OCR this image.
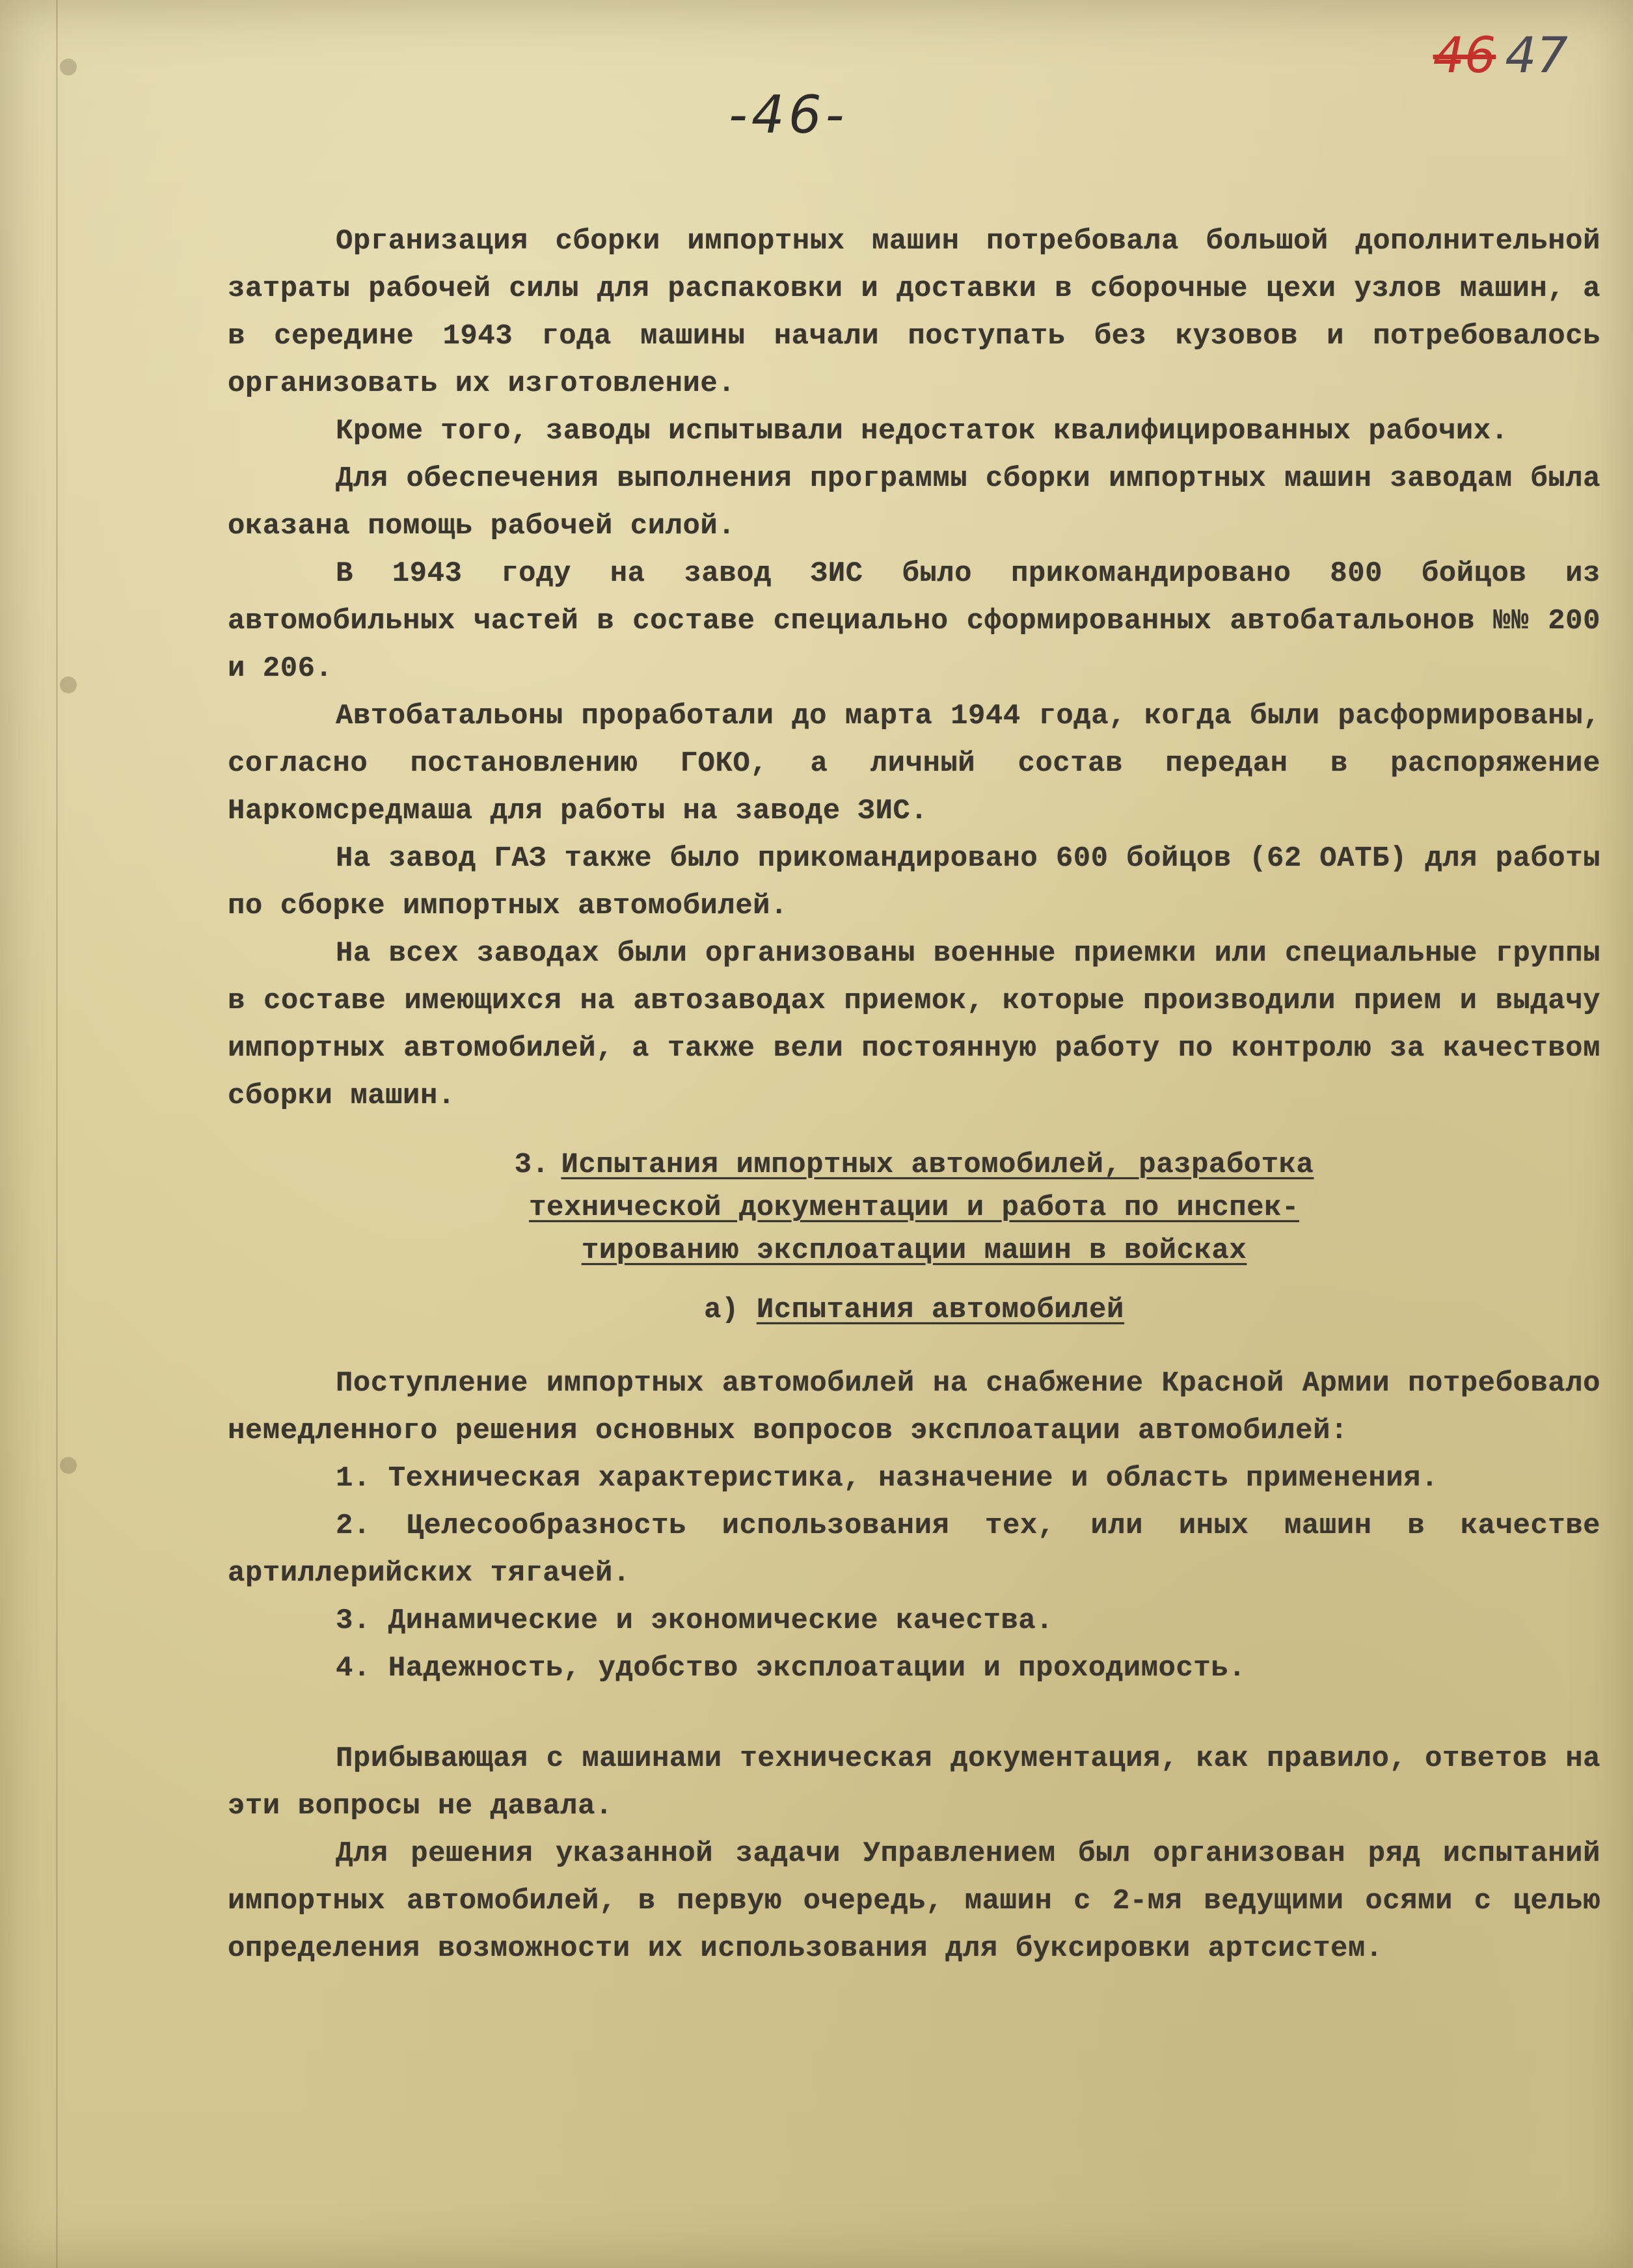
46 47
-46-

Организация сборки импортных машин потребовала большой дополнительной затраты рабочей силы для распаковки и доставки в сборочные цехи узлов машин, а в середине 1943 года машины начали поступать без кузовов и потребовалось организовать их изготовление.

Кроме того, заводы испытывали недостаток квалифицированных рабочих.

Для обеспечения выполнения программы сборки импортных машин заводам была оказана помощь рабочей силой.

В 1943 году на завод ЗИС было прикомандировано 800 бойцов из автомобильных частей в составе специально сформированных автобатальонов №№ 200 и 206.

Автобатальоны проработали до марта 1944 года, когда были расформированы, согласно постановлению ГОКО, а личный состав передан в распоряжение Наркомсредмаша для работы на заводе ЗИС.

На завод ГАЗ также было прикомандировано 600 бойцов (62 ОАТБ) для работы по сборке импортных автомобилей.

На всех заводах были организованы военные приемки или специальные группы в составе имеющихся на автозаводах приемок, которые производили прием и выдачу импортных автомобилей, а также вели постоянную работу по контролю за качеством сборки машин.

3. Испытания импортных автомобилей, разработка
технической документации и работа по инспек-
тированию эксплоатации машин в войсках
а) Испытания автомобилей

Поступление импортных автомобилей на снабжение Красной Армии потребовало немедленного решения основных вопросов эксплоатации автомобилей:

1. Техническая характеристика, назначение и область применения.

2. Целесообразность использования тех, или иных машин в качестве артиллерийских тягачей.

3. Динамические и экономические качества.

4. Надежность, удобство эксплоатации и проходимость.

Прибывающая с машинами техническая документация, как правило, ответов на эти вопросы не давала.

Для решения указанной задачи Управлением был организован ряд испытаний импортных автомобилей, в первую очередь, машин с 2-мя ведущими осями с целью определения возможности их использования для буксировки артсистем.
